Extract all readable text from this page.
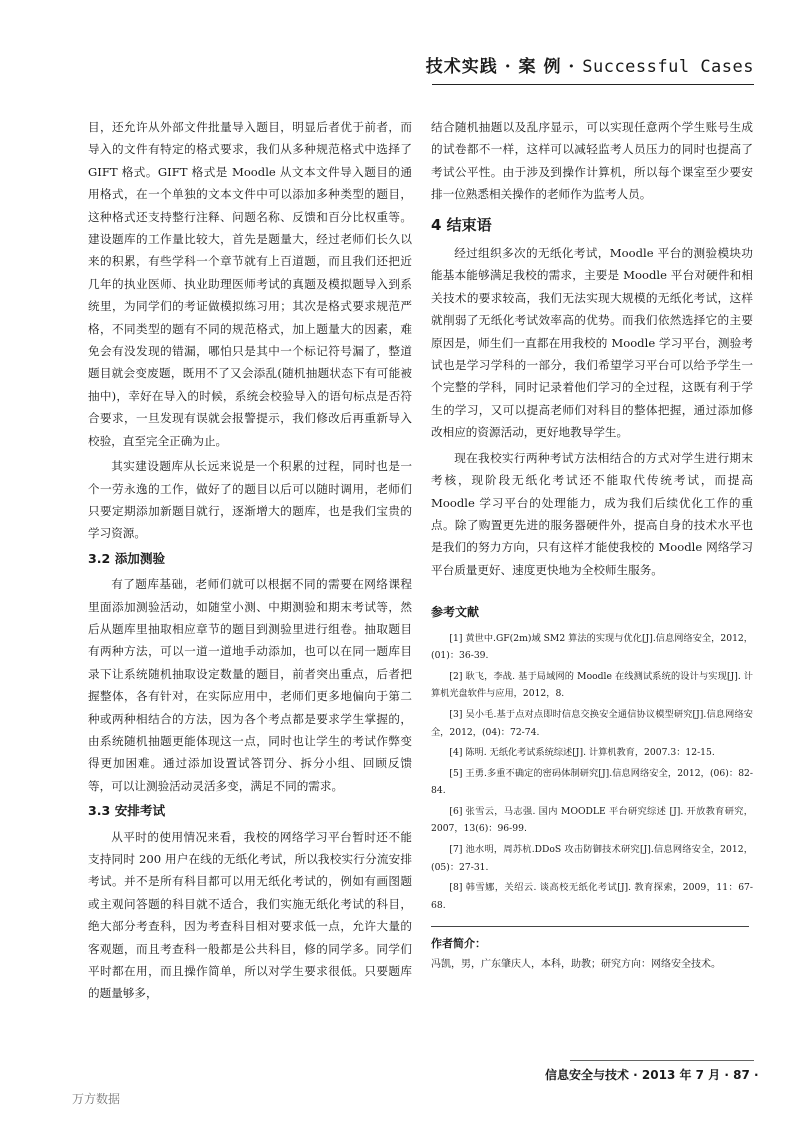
技术实践 · 案 例 · Successful Cases

目，还允许从外部文件批量导入题目，明显后者优于前者，而导入的文件有特定的格式要求，我们从多种规范格式中选择了 GIFT 格式。GIFT 格式是 Moodle 从文本文件导入题目的通用格式，在一个单独的文本文件中可以添加多种类型的题目，这种格式还支持整行注释、问题名称、反馈和百分比权重等。建设题库的工作量比较大，首先是题量大，经过老师们长久以来的积累，有些学科一个章节就有上百道题，而且我们还把近几年的执业医师、执业助理医师考试的真题及模拟题导入到系统里，为同学们的考证做模拟练习用；其次是格式要求规范严格，不同类型的题有不同的规范格式，加上题量大的因素，难免会有没发现的错漏，哪怕只是其中一个标记符号漏了，整道题目就会变废题，既用不了又会添乱(随机抽题状态下有可能被抽中)，幸好在导入的时候，系统会校验导入的语句标点是否符合要求，一旦发现有误就会报警提示，我们修改后再重新导入校验，直至完全正确为止。

其实建设题库从长远来说是一个积累的过程，同时也是一个一劳永逸的工作，做好了的题目以后可以随时调用，老师们只要定期添加新题目就行，逐渐增大的题库，也是我们宝贵的学习资源。

3.2 添加测验

有了题库基础，老师们就可以根据不同的需要在网络课程里面添加测验活动，如随堂小测、中期测验和期末考试等，然后从题库里抽取相应章节的题目到测验里进行组卷。抽取题目有两种方法，可以一道一道地手动添加，也可以在同一题库目录下让系统随机抽取设定数量的题目，前者突出重点，后者把握整体，各有针对，在实际应用中，老师们更多地偏向于第二种或两种相结合的方法，因为各个考点都是要求学生掌握的，由系统随机抽题更能体现这一点，同时也让学生的考试作弊变得更加困难。通过添加设置试答罚分、拆分小组、回顾反馈等，可以让测验活动灵活多变，满足不同的需求。

3.3 安排考试

从平时的使用情况来看，我校的网络学习平台暂时还不能支持同时 200 用户在线的无纸化考试，所以我校实行分流安排考试。并不是所有科目都可以用无纸化考试的，例如有画图题或主观问答题的科目就不适合，我们实施无纸化考试的科目，绝大部分考查科，因为考查科目相对要求低一点，允许大量的客观题，而且考查科一般都是公共科目，修的同学多。同学们平时都在用，而且操作简单，所以对学生要求很低。只要题库的题量够多，

结合随机抽题以及乱序显示，可以实现任意两个学生账号生成的试卷都不一样，这样可以减轻监考人员压力的同时也提高了考试公平性。由于涉及到操作计算机，所以每个课室至少要安排一位熟悉相关操作的老师作为监考人员。

4 结束语

经过组织多次的无纸化考试，Moodle 平台的测验模块功能基本能够满足我校的需求，主要是 Moodle 平台对硬件和相关技术的要求较高，我们无法实现大规模的无纸化考试，这样就削弱了无纸化考试效率高的优势。而我们依然选择它的主要原因是，师生们一直都在用我校的 Moodle 学习平台，测验考试也是学习学科的一部分，我们希望学习平台可以给予学生一个完整的学科，同时记录着他们学习的全过程，这既有利于学生的学习，又可以提高老师们对科目的整体把握，通过添加修改相应的资源活动，更好地教导学生。

现在我校实行两种考试方法相结合的方式对学生进行期末考核，现阶段无纸化考试还不能取代传统考试，而提高 Moodle 学习平台的处理能力，成为我们后续优化工作的重点。除了购置更先进的服务器硬件外，提高自身的技术水平也是我们的努力方向，只有这样才能使我校的 Moodle 网络学习平台质量更好、速度更快地为全校师生服务。

参考文献

[1] 黄世中.GF(2m)域 SM2 算法的实现与优化[J].信息网络安全，2012，(01)：36-39.

[2] 耿飞，李战. 基于局域网的 Moodle 在线测试系统的设计与实现[J]. 计算机光盘软件与应用，2012，8.

[3] 吴小毛.基于点对点即时信息交换安全通信协议模型研究[J].信息网络安全，2012，(04)：72-74.

[4] 陈明. 无纸化考试系统综述[J]. 计算机教育，2007.3：12-15.

[5] 王勇.多重不确定的密码体制研究[J].信息网络安全，2012，(06)：82-84.

[6] 张雪云，马志强. 国内 MOODLE 平台研究综述 [J]. 开放教育研究，2007，13(6)：96-99.

[7] 池水明，周苏杭.DDoS 攻击防御技术研究[J].信息网络安全，2012，(05)：27-31.

[8] 韩雪娜，关绍云. 谈高校无纸化考试[J]. 教育探索，2009，11：67-68.

作者简介：

冯凯，男，广东肇庆人，本科，助教；研究方向：网络安全技术。

信息安全与技术 · 2013 年 7 月 · 87 ·
万方数据
